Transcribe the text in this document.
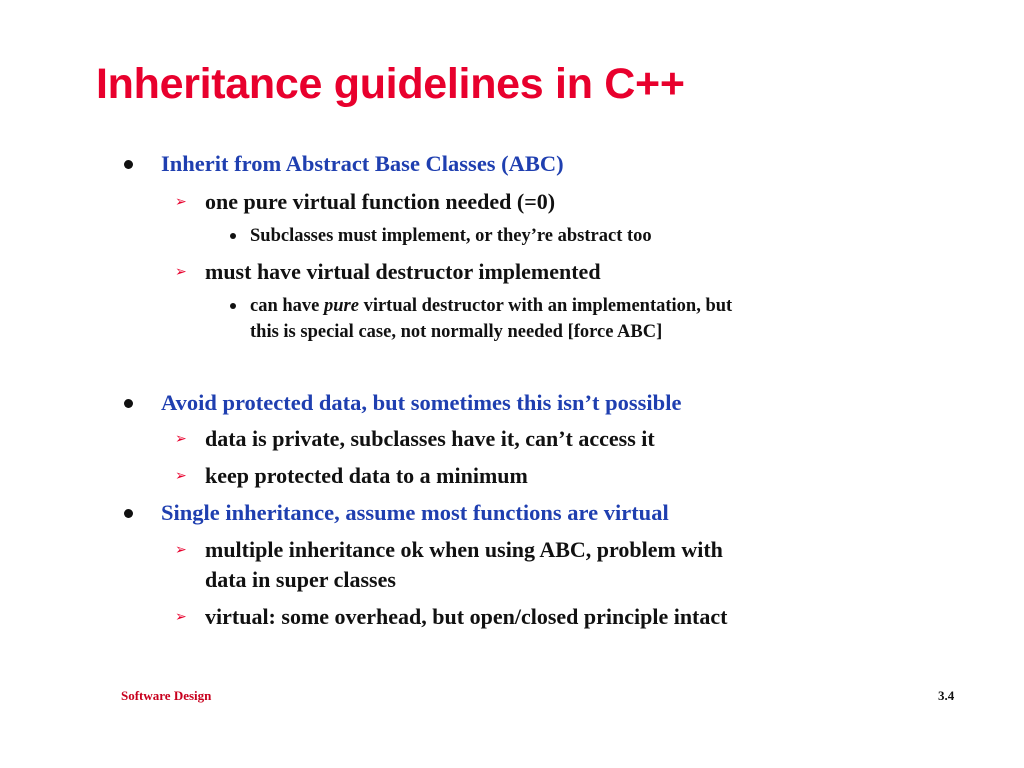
Inheritance guidelines in C++
Inherit from Abstract Base Classes (ABC)
➢ one pure virtual function needed (=0)
Subclasses must implement, or they’re abstract too
➢ must have virtual destructor implemented
can have pure virtual destructor with an implementation, but
this is special case, not normally needed [force ABC]
Avoid protected data, but sometimes this isn’t possible
➢ data is private, subclasses have it, can’t access it
➢ keep protected data to a minimum
Single inheritance, assume most functions are virtual
➢ multiple inheritance ok when using ABC, problem with
data in super classes
➢ virtual: some overhead, but open/closed principle intact
Software Design	3.4
